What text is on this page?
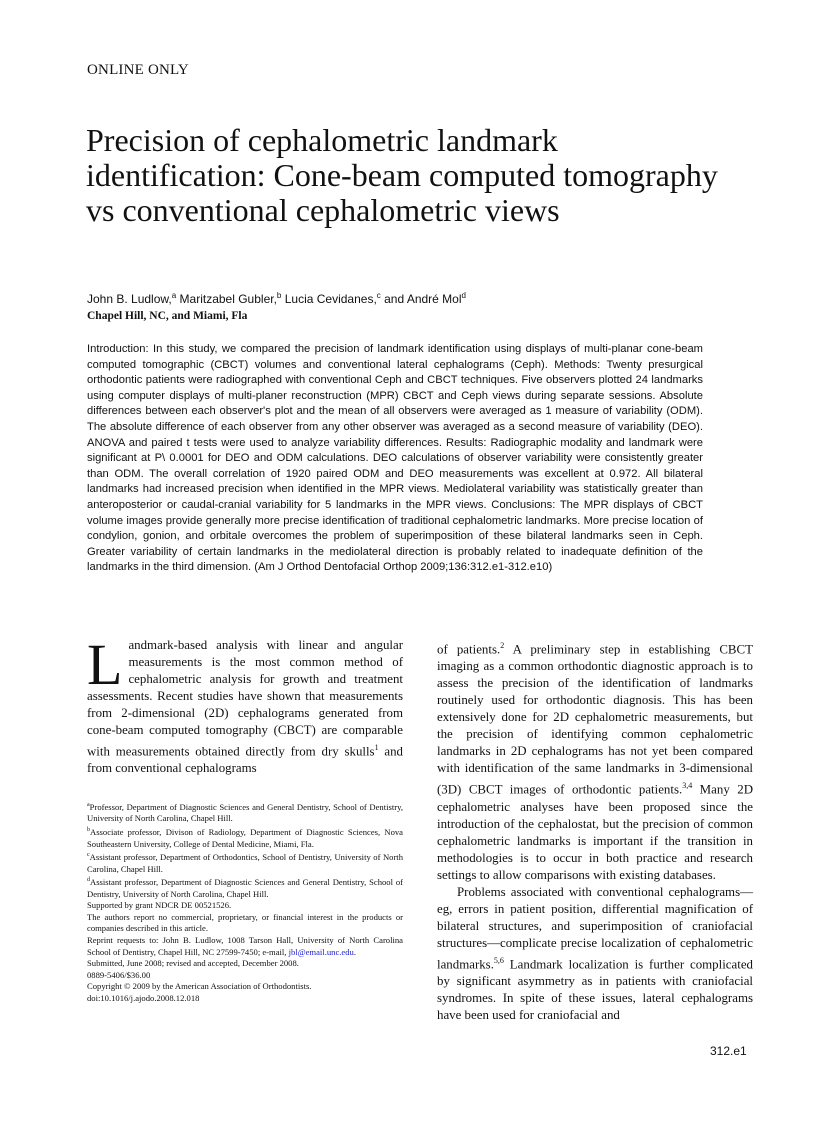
ONLINE ONLY
Precision of cephalometric landmark identification: Cone-beam computed tomography vs conventional cephalometric views
John B. Ludlow,$^a$ Maritzabel Gubler,$^b$ Lucia Cevidanes,$^c$ and André Mol$^d$
Chapel Hill, NC, and Miami, Fla

Introduction: In this study, we compared the precision of landmark identification using displays of multi-planar cone-beam computed tomographic (CBCT) volumes and conventional lateral cephalograms (Ceph). Methods: Twenty presurgical orthodontic patients were radiographed with conventional Ceph and CBCT techniques. Five observers plotted 24 landmarks using computer displays of multi-planer reconstruction (MPR) CBCT and Ceph views during separate sessions. Absolute differences between each observer's plot and the mean of all observers were averaged as 1 measure of variability (ODM). The absolute difference of each observer from any other observer was averaged as a second measure of variability (DEO). ANOVA and paired t tests were used to analyze variability differences. Results: Radiographic modality and landmark were significant at P\ 0.0001 for DEO and ODM calculations. DEO calculations of observer variability were consistently greater than ODM. The overall correlation of 1920 paired ODM and DEO measurements was excellent at 0.972. All bilateral landmarks had increased precision when identified in the MPR views. Mediolateral variability was statistically greater than anteroposterior or caudal-cranial variability for 5 landmarks in the MPR views. Conclusions: The MPR displays of CBCT volume images provide generally more precise identification of traditional cephalometric landmarks. More precise location of condylion, gonion, and orbitale overcomes the problem of superimposition of these bilateral landmarks seen in Ceph. Greater variability of certain landmarks in the mediolateral direction is probably related to inadequate definition of the landmarks in the third dimension. (Am J Orthod Dentofacial Orthop 2009;136:312.e1-312.e10)

Landmark-based analysis with linear and angular measurements is the most common method of cephalometric analysis for growth and treatment assessments. Recent studies have shown that measurements from 2-dimensional (2D) cephalograms generated from cone-beam computed tomography (CBCT) are comparable with measurements obtained directly from dry skulls$^1$ and from conventional cephalograms

of patients.$^2$ A preliminary step in establishing CBCT imaging as a common orthodontic diagnostic approach is to assess the precision of the identification of landmarks routinely used for orthodontic diagnosis. This has been extensively done for 2D cephalometric measurements, but the precision of identifying common cephalometric landmarks in 2D cephalograms has not yet been compared with identification of the same landmarks in 3-dimensional (3D) CBCT images of orthodontic patients.$^{3,4}$ Many 2D cephalometric analyses have been proposed since the introduction of the cephalostat, but the precision of common cephalometric landmarks is important if the transition in methodologies is to occur in both practice and research settings to allow comparisons with existing databases.

Problems associated with conventional cephalograms—eg, errors in patient position, differential magnification of bilateral structures, and superimposition of craniofacial structures—complicate precise localization of cephalometric landmarks.$^{5,6}$ Landmark localization is further complicated by significant asymmetry as in patients with craniofacial syndromes. In spite of these issues, lateral cephalograms have been used for craniofacial and

$^a$Professor, Department of Diagnostic Sciences and General Dentistry, School of Dentistry, University of North Carolina, Chapel Hill.

$^b$Associate professor, Divison of Radiology, Department of Diagnostic Sciences, Nova Southeastern University, College of Dental Medicine, Miami, Fla.

$^c$Assistant professor, Department of Orthodontics, School of Dentistry, University of North Carolina, Chapel Hill.

$^d$Assistant professor, Department of Diagnostic Sciences and General Dentistry, School of Dentistry, University of North Carolina, Chapel Hill.

Supported by grant NDCR DE 00521526.

The authors report no commercial, proprietary, or financial interest in the products or companies described in this article.

Reprint requests to: John B. Ludlow, 1008 Tarson Hall, University of North Carolina School of Dentistry, Chapel Hill, NC 27599-7450; e-mail, jbl@email.unc.edu.

Submitted, June 2008; revised and accepted, December 2008.

0889-5406/$36.00

Copyright © 2009 by the American Association of Orthodontists.

doi:10.1016/j.ajodo.2008.12.018

312.e1
